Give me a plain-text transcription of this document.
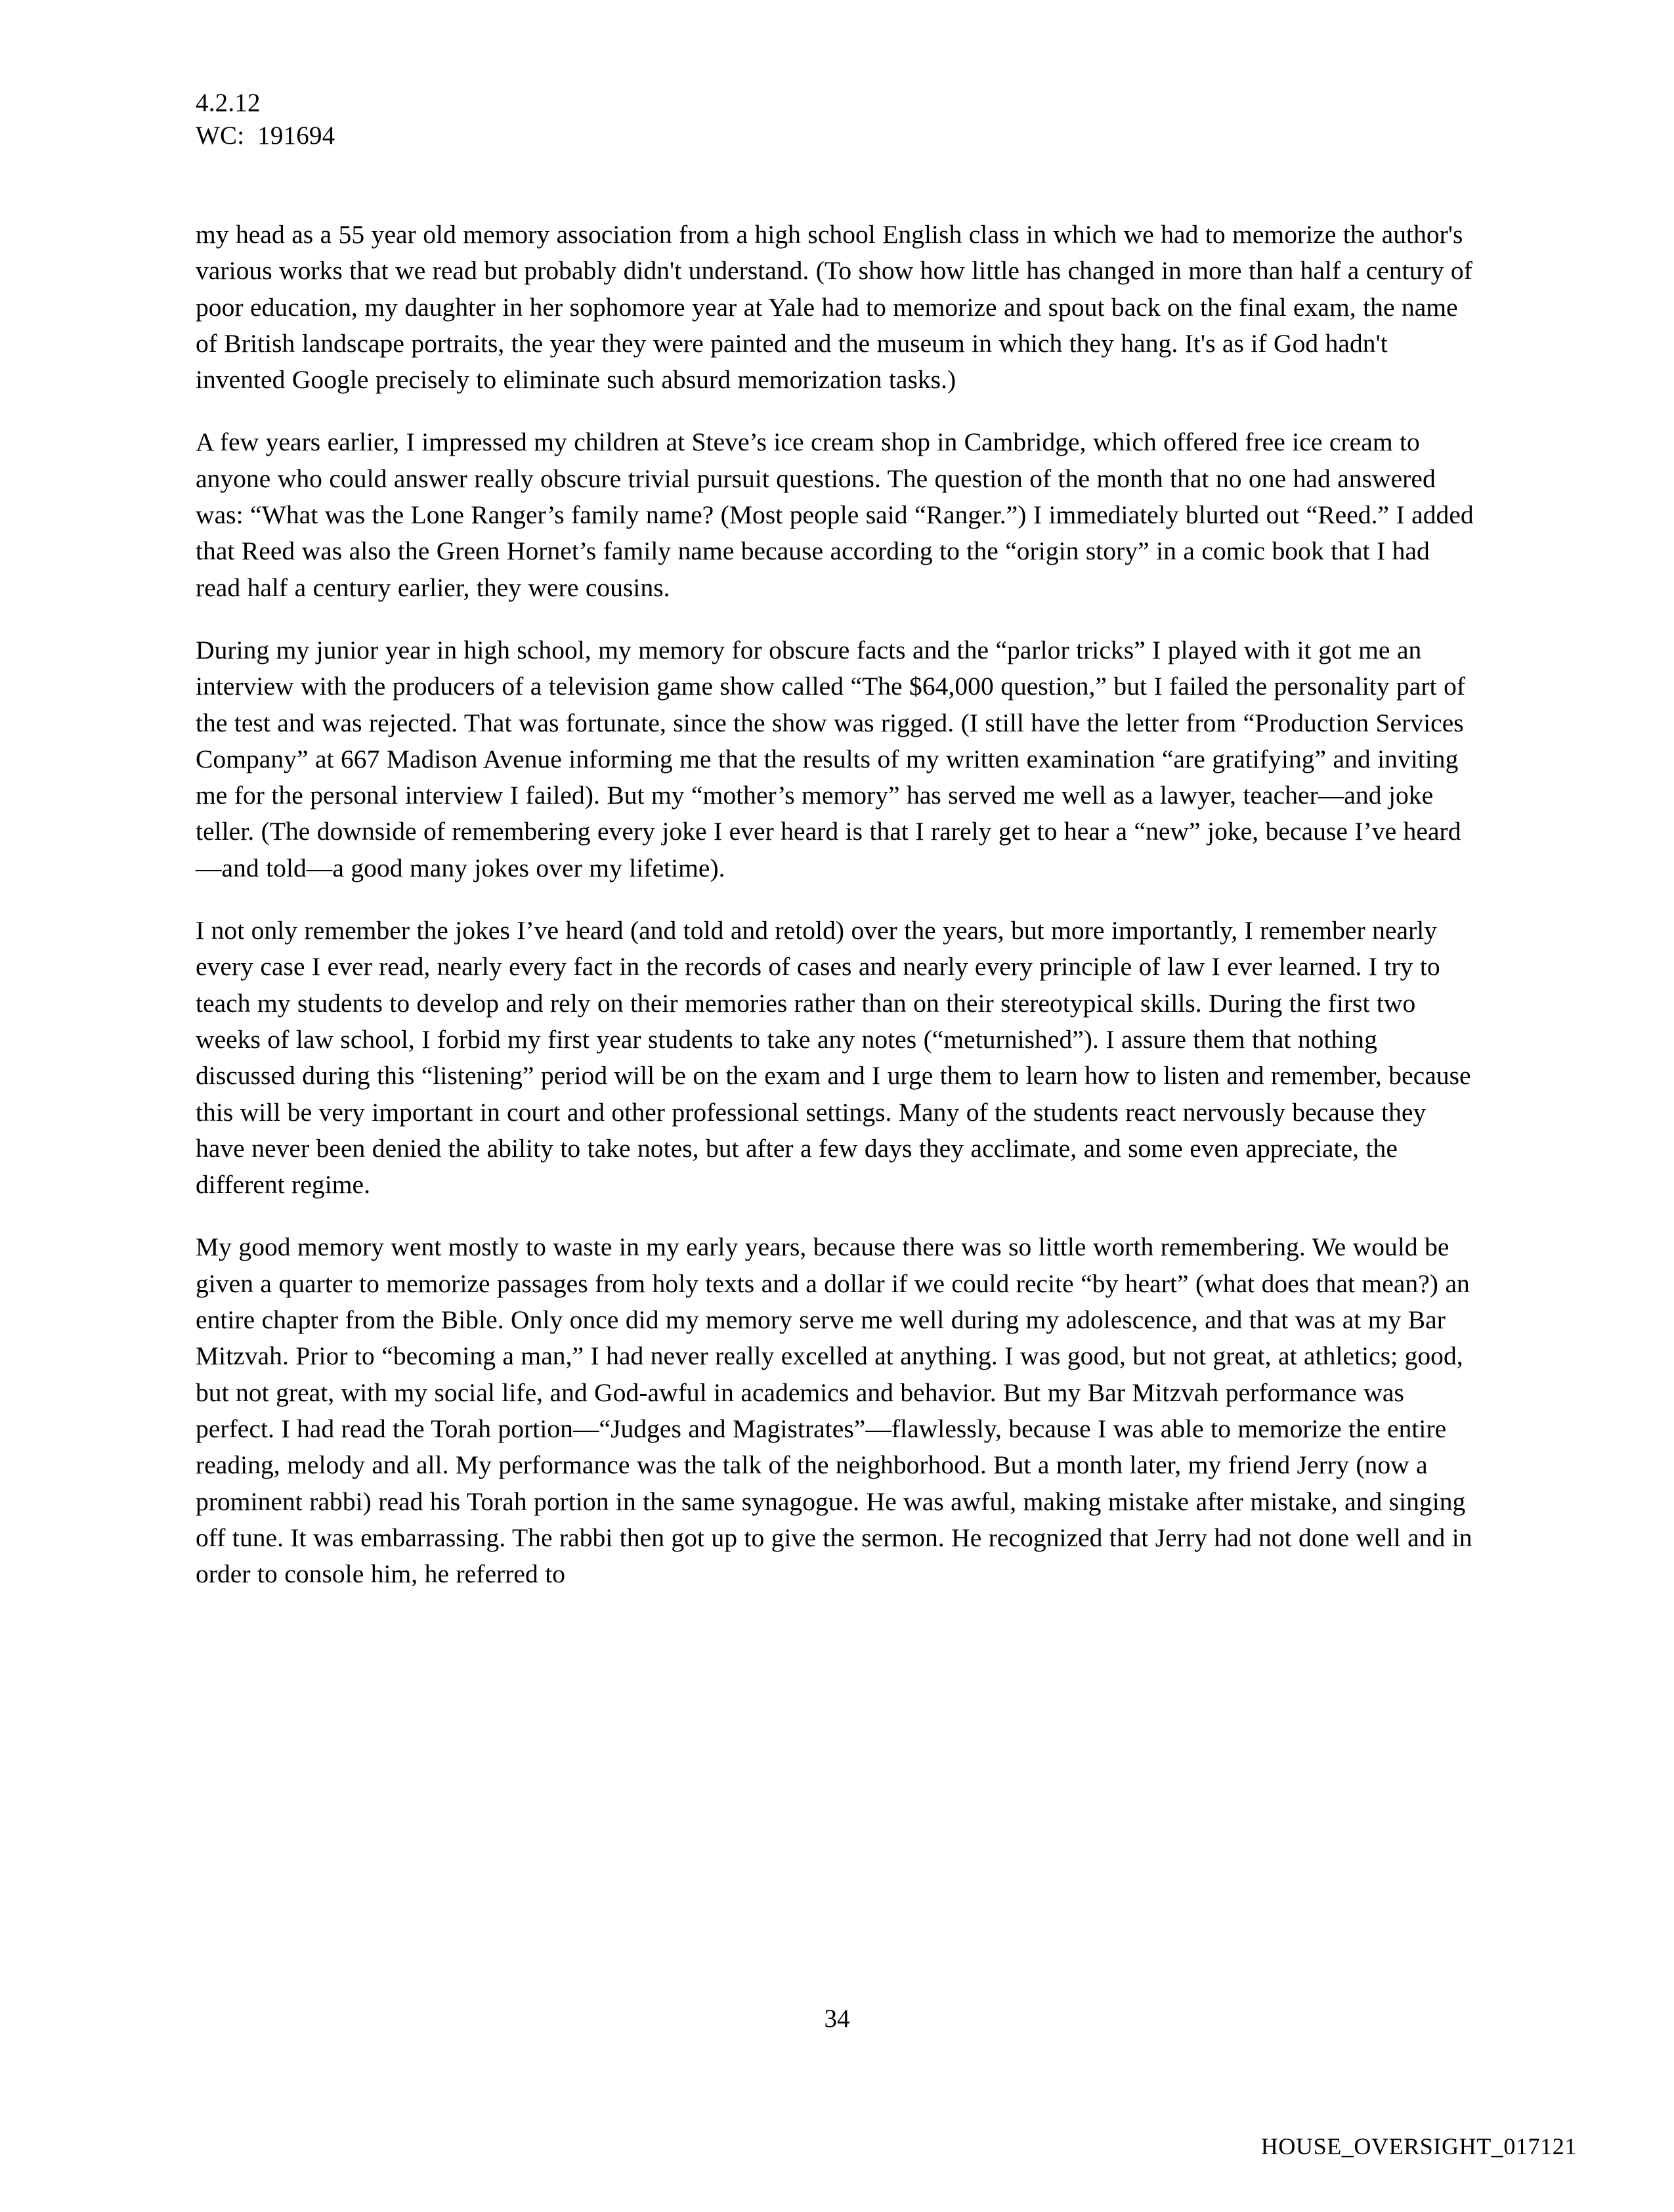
4.2.12
WC:  191694

my head as a 55 year old memory association from a high school English class in which we had to memorize the author's various works that we read but probably didn't understand. (To show how little has changed in more than half a century of poor education, my daughter in her sophomore year at Yale had to memorize and spout back on the final exam, the name of British landscape portraits, the year they were painted and the museum in which they hang. It's as if God hadn't invented Google precisely to eliminate such absurd memorization tasks.)

A few years earlier, I impressed my children at Steve’s ice cream shop in Cambridge, which offered free ice cream to anyone who could answer really obscure trivial pursuit questions. The question of the month that no one had answered was: “What was the Lone Ranger’s family name? (Most people said “Ranger.”) I immediately blurted out “Reed.” I added that Reed was also the Green Hornet’s family name because according to the “origin story” in a comic book that I had read half a century earlier, they were cousins.

During my junior year in high school, my memory for obscure facts and the “parlor tricks” I played with it got me an interview with the producers of a television game show called “The $64,000 question,” but I failed the personality part of the test and was rejected. That was fortunate, since the show was rigged. (I still have the letter from “Production Services Company” at 667 Madison Avenue informing me that the results of my written examination “are gratifying” and inviting me for the personal interview I failed). But my “mother’s memory” has served me well as a lawyer, teacher—and joke teller. (The downside of remembering every joke I ever heard is that I rarely get to hear a “new” joke, because I’ve heard—and told—a good many jokes over my lifetime).

I not only remember the jokes I’ve heard (and told and retold) over the years, but more importantly, I remember nearly every case I ever read, nearly every fact in the records of cases and nearly every principle of law I ever learned. I try to teach my students to develop and rely on their memories rather than on their stereotypical skills. During the first two weeks of law school, I forbid my first year students to take any notes (“meturnished”). I assure them that nothing discussed during this “listening” period will be on the exam and I urge them to learn how to listen and remember, because this will be very important in court and other professional settings. Many of the students react nervously because they have never been denied the ability to take notes, but after a few days they acclimate, and some even appreciate, the different regime.

My good memory went mostly to waste in my early years, because there was so little worth remembering. We would be given a quarter to memorize passages from holy texts and a dollar if we could recite “by heart” (what does that mean?) an entire chapter from the Bible. Only once did my memory serve me well during my adolescence, and that was at my Bar Mitzvah. Prior to “becoming a man,” I had never really excelled at anything. I was good, but not great, at athletics; good, but not great, with my social life, and God-awful in academics and behavior. But my Bar Mitzvah performance was perfect. I had read the Torah portion—“Judges and Magistrates”—flawlessly, because I was able to memorize the entire reading, melody and all. My performance was the talk of the neighborhood. But a month later, my friend Jerry (now a prominent rabbi) read his Torah portion in the same synagogue. He was awful, making mistake after mistake, and singing off tune. It was embarrassing. The rabbi then got up to give the sermon. He recognized that Jerry had not done well and in order to console him, he referred to

34
HOUSE_OVERSIGHT_017121
